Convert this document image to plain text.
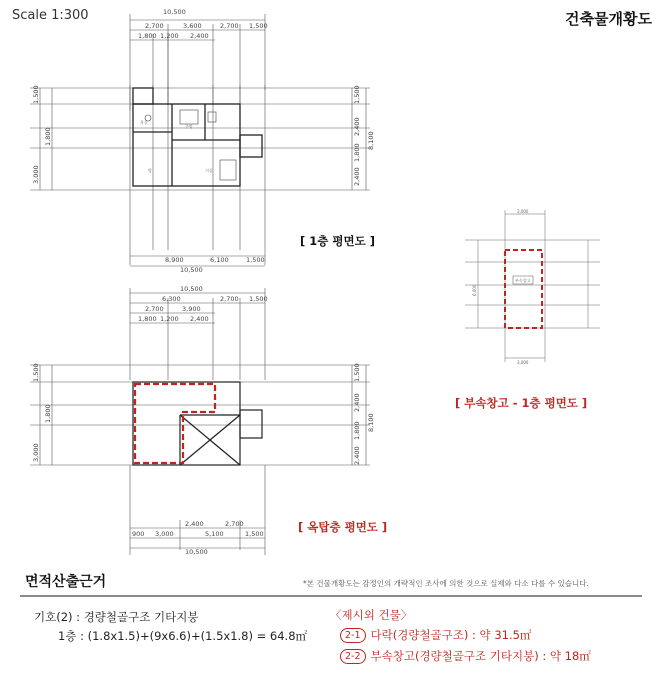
Scale 1:300	건축물개황도
10,500
2,700	3,600	2,700 1,500
1,800 1,200 2,400
8,900	6,100	1,500
10,500
1,500
2,400
1,800
2,400
8,100
1,500
1,800
3,000	방	거실
주방
욕실
부속창고
3,000
3,000
6,000
10,500
6,300	2,700 1,500
2,700	3,900
1,800 1,200 2,400
2,400	2,700
900 3,000	5,100	1,500
10,500
1,500
2,400
1,800
2,400
8,100
1,500
1,800
3,000
[ 1층 평면도 ]
[ 부속창고 - 1층 평면도 ]
[ 옥탑층 평면도 ]
면적산출근거	*본 건물개황도는 감정인의 개략적인 조사에 의한 것으로 실제와 다소 다를 수 있습니다.
기호(2) : 경량철골구조 기타지붕
1층 : (1.8x1.5)+(9x6.6)+(1.5x1.8) = 64.8㎡
〈제시외 건물〉
2-1 다락(경량철골구조) : 약 31.5㎡
2-2 부속창고(경량철골구조 기타지붕) : 약 18㎡
